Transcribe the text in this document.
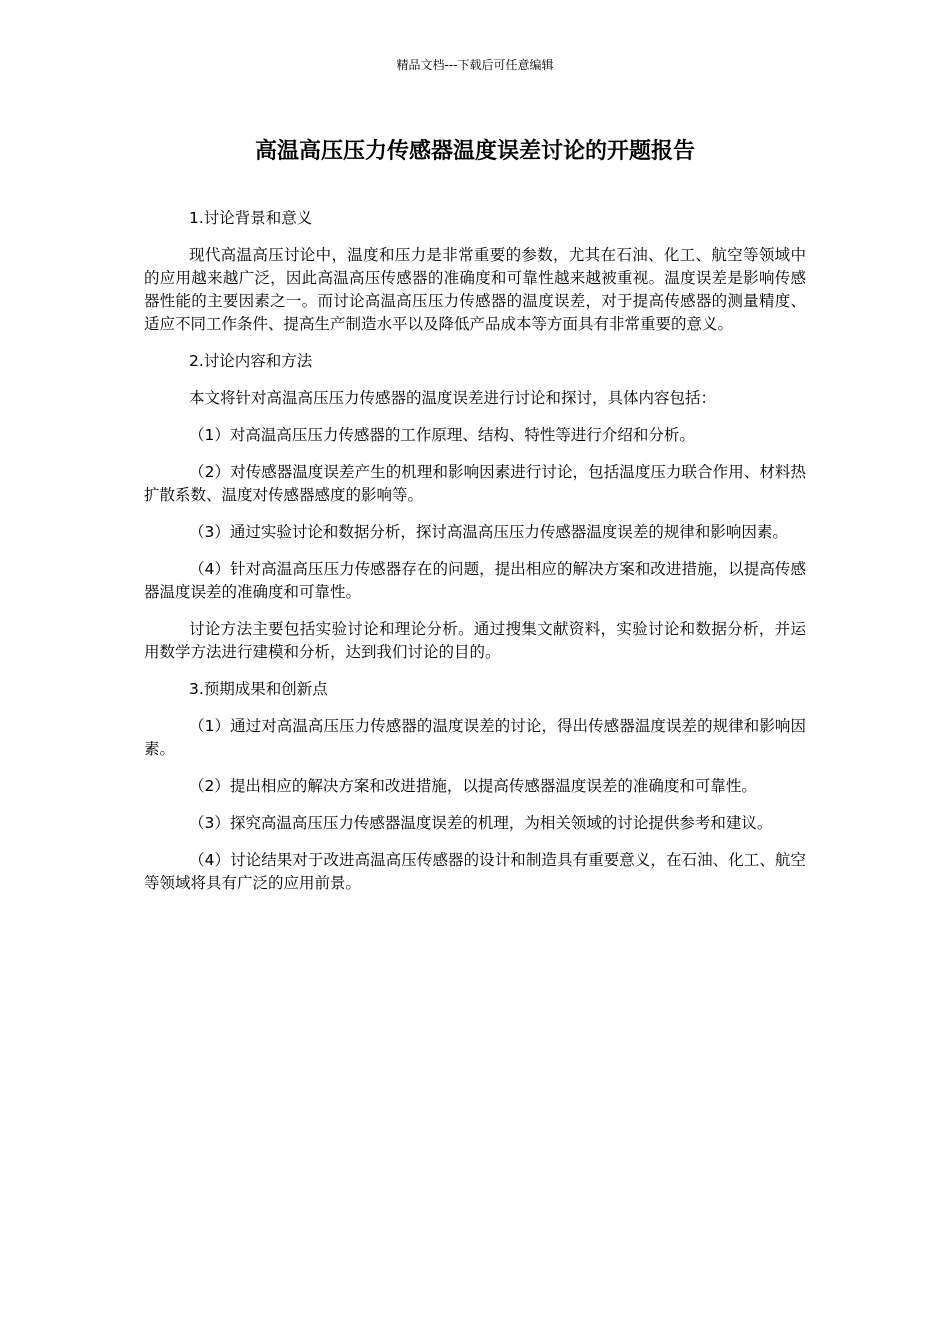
精品文档---下载后可任意编辑
高温高压压力传感器温度误差讨论的开题报告

1.讨论背景和意义

现代高温高压讨论中，温度和压力是非常重要的参数，尤其在石油、化工、航空等领域中的应用越来越广泛，因此高温高压传感器的准确度和可靠性越来越被重视。温度误差是影响传感器性能的主要因素之一。而讨论高温高压压力传感器的温度误差，对于提高传感器的测量精度、适应不同工作条件、提高生产制造水平以及降低产品成本等方面具有非常重要的意义。

2.讨论内容和方法

本文将针对高温高压压力传感器的温度误差进行讨论和探讨，具体内容包括：

（1）对高温高压压力传感器的工作原理、结构、特性等进行介绍和分析。

（2）对传感器温度误差产生的机理和影响因素进行讨论，包括温度压力联合作用、材料热扩散系数、温度对传感器感度的影响等。

（3）通过实验讨论和数据分析，探讨高温高压压力传感器温度误差的规律和影响因素。

（4）针对高温高压压力传感器存在的问题，提出相应的解决方案和改进措施，以提高传感器温度误差的准确度和可靠性。

讨论方法主要包括实验讨论和理论分析。通过搜集文献资料，实验讨论和数据分析，并运用数学方法进行建模和分析，达到我们讨论的目的。

3.预期成果和创新点

（1）通过对高温高压压力传感器的温度误差的讨论，得出传感器温度误差的规律和影响因素。

（2）提出相应的解决方案和改进措施，以提高传感器温度误差的准确度和可靠性。

（3）探究高温高压压力传感器温度误差的机理，为相关领域的讨论提供参考和建议。

（4）讨论结果对于改进高温高压传感器的设计和制造具有重要意义，在石油、化工、航空等领域将具有广泛的应用前景。
